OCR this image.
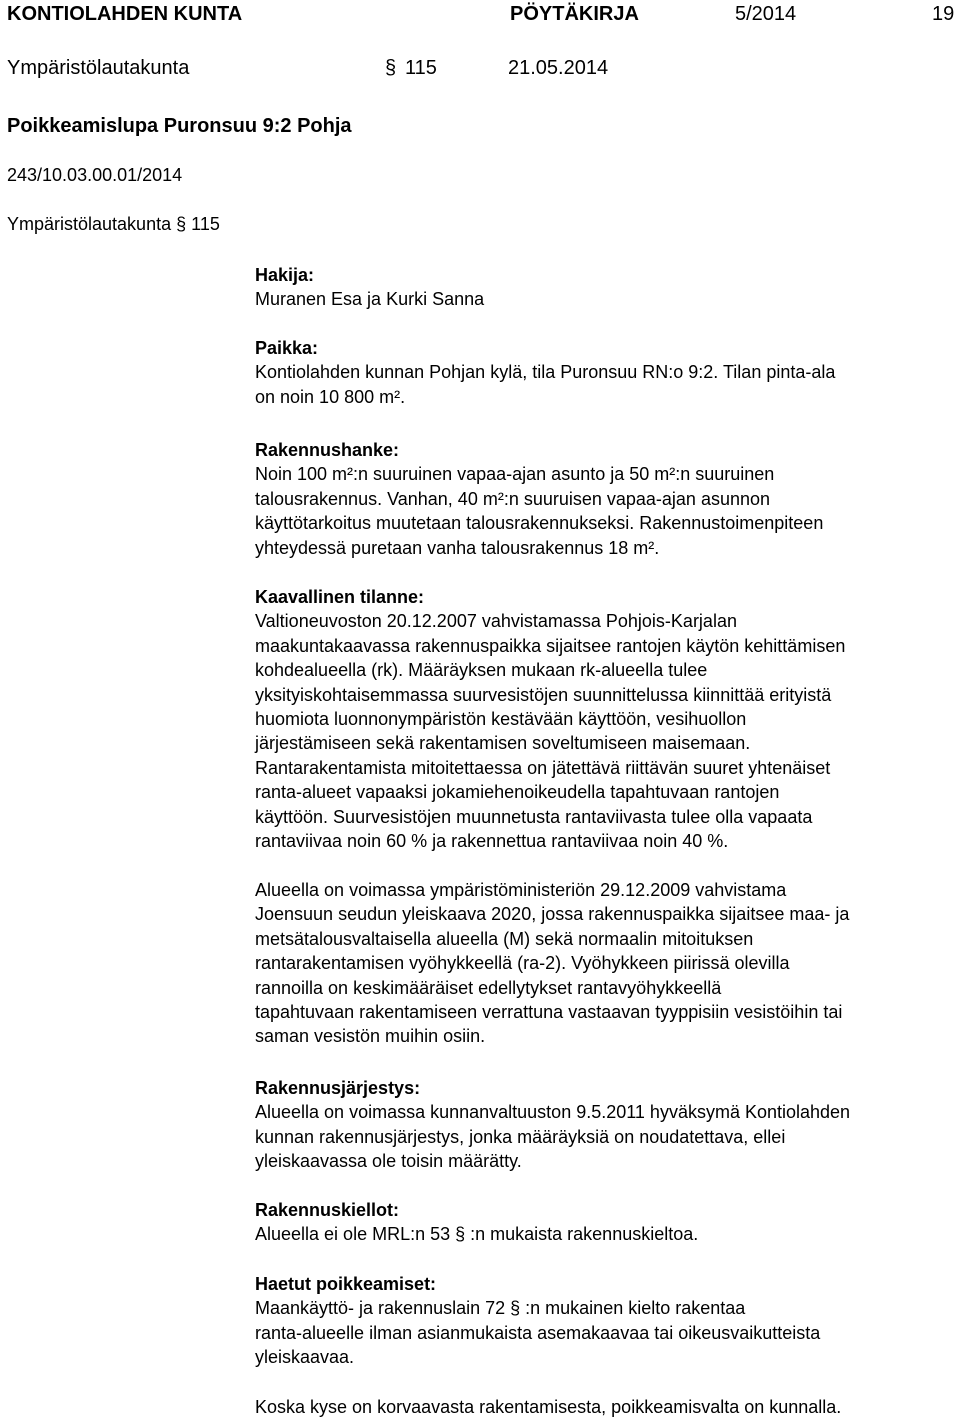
KONTIOLAHDEN KUNTA	PÖYTÄKIRJA	5/2014	19
Ympäristölautakunta	§ 115	21.05.2014
Poikkeamislupa Puronsuu 9:2 Pohja
243/10.03.00.01/2014
Ympäristölautakunta § 115
Hakija:
Muranen Esa ja Kurki Sanna
Paikka:
Kontiolahden kunnan Pohjan kylä, tila Puronsuu RN:o 9:2. Tilan pinta-ala
on noin 10 800 m².
Rakennushanke:
Noin 100 m²:n suuruinen vapaa-ajan asunto ja 50 m²:n suuruinen
talousrakennus. Vanhan, 40 m²:n suuruisen vapaa-ajan asunnon
käyttötarkoitus muutetaan talousrakennukseksi. Rakennustoimenpiteen
yhteydessä puretaan vanha talousrakennus 18 m².
Kaavallinen tilanne:
Valtioneuvoston 20.12.2007 vahvistamassa Pohjois-Karjalan
maakuntakaavassa rakennuspaikka sijaitsee rantojen käytön kehittämisen
kohdealueella (rk). Määräyksen mukaan rk-alueella tulee
yksityiskohtaisemmassa suurvesistöjen suunnittelussa kiinnittää erityistä
huomiota luonnonympäristön kestävään käyttöön, vesihuollon
järjestämiseen sekä rakentamisen soveltumiseen maisemaan.
Rantarakentamista mitoitettaessa on jätettävä riittävän suuret yhtenäiset
ranta-alueet vapaaksi jokamiehenoikeudella tapahtuvaan rantojen
käyttöön. Suurvesistöjen muunnetusta rantaviivasta tulee olla vapaata
rantaviivaa noin 60 % ja rakennettua rantaviivaa noin 40 %.
Alueella on voimassa ympäristöministeriön 29.12.2009 vahvistama
Joensuun seudun yleiskaava 2020, jossa rakennuspaikka sijaitsee maa- ja
metsätalousvaltaisella alueella (M) sekä normaalin mitoituksen
rantarakentamisen vyöhykkeellä (ra-2). Vyöhykkeen piirissä olevilla
rannoilla on keskimääräiset edellytykset rantavyöhykkeellä
tapahtuvaan rakentamiseen verrattuna vastaavan tyyppisiin vesistöihin tai
saman vesistön muihin osiin.
Rakennusjärjestys:
Alueella on voimassa kunnanvaltuuston 9.5.2011 hyväksymä Kontiolahden
kunnan rakennusjärjestys, jonka määräyksiä on noudatettava, ellei
yleiskaavassa ole toisin määrätty.
Rakennuskiellot:
Alueella ei ole MRL:n 53 § :n mukaista rakennuskieltoa.
Haetut poikkeamiset:
Maankäyttö- ja rakennuslain 72 § :n mukainen kielto rakentaa
ranta-alueelle ilman asianmukaista asemakaavaa tai oikeusvaikutteista
yleiskaavaa.
Koska kyse on korvaavasta rakentamisesta, poikkeamisvalta on kunnalla.
